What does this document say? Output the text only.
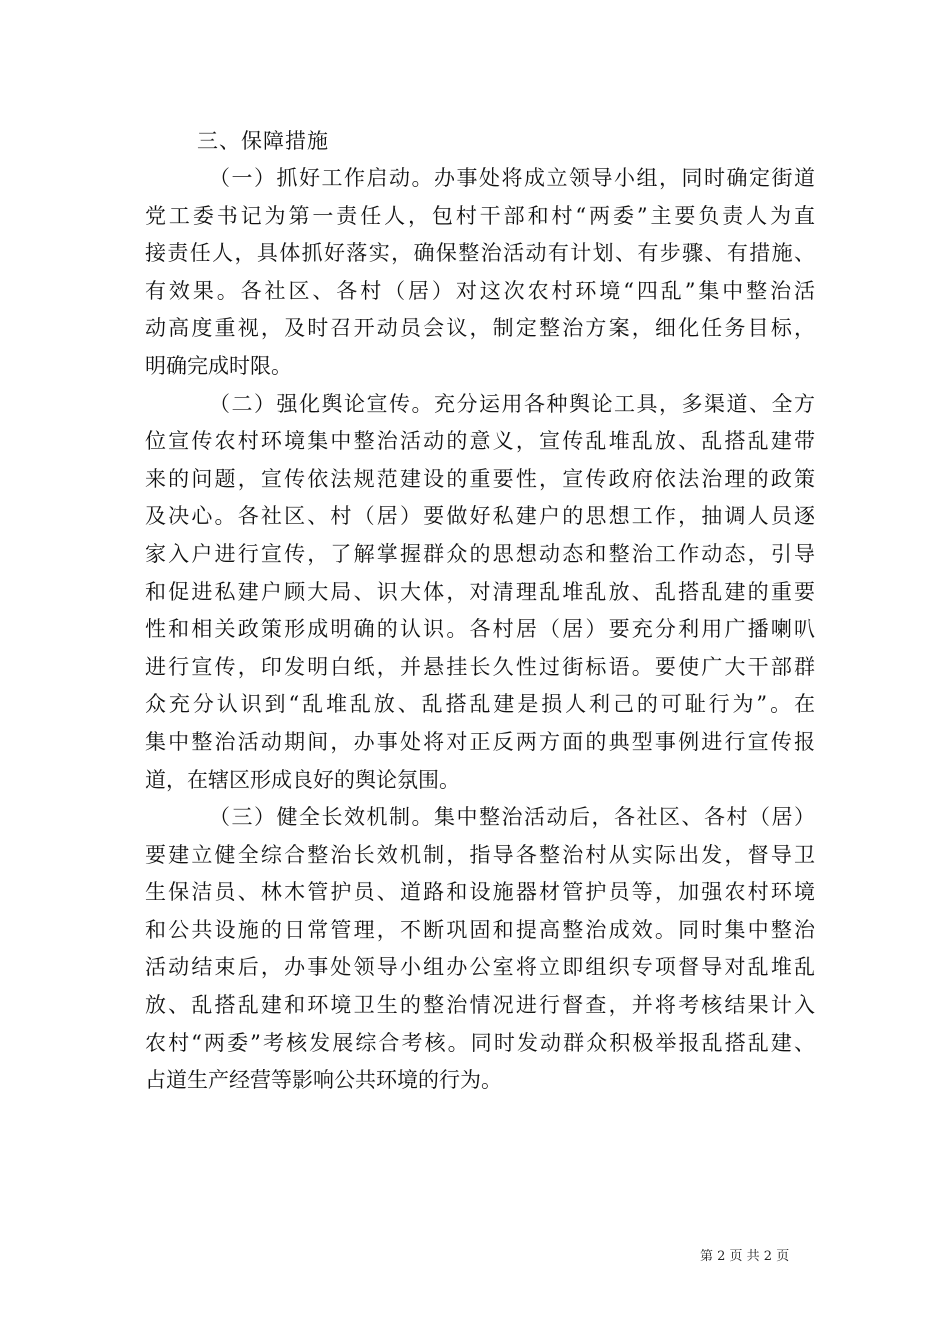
三、保障措施
（一）抓好工作启动。办事处将成立领导小组，同时确定街道
党工委书记为第一责任人，包村干部和村“两委”主要负责人为直
接责任人，具体抓好落实，确保整治活动有计划、有步骤、有措施、
有效果。各社区、各村（居）对这次农村环境“四乱”集中整治活
动高度重视，及时召开动员会议，制定整治方案，细化任务目标，
明确完成时限。
（二）强化舆论宣传。充分运用各种舆论工具，多渠道、全方
位宣传农村环境集中整治活动的意义，宣传乱堆乱放、乱搭乱建带
来的问题，宣传依法规范建设的重要性，宣传政府依法治理的政策
及决心。各社区、村（居）要做好私建户的思想工作，抽调人员逐
家入户进行宣传，了解掌握群众的思想动态和整治工作动态，引导
和促进私建户顾大局、识大体，对清理乱堆乱放、乱搭乱建的重要
性和相关政策形成明确的认识。各村居（居）要充分利用广播喇叭
进行宣传，印发明白纸，并悬挂长久性过街标语。要使广大干部群
众充分认识到“乱堆乱放、乱搭乱建是损人利己的可耻行为”。在
集中整治活动期间，办事处将对正反两方面的典型事例进行宣传报
道，在辖区形成良好的舆论氛围。
（三）健全长效机制。集中整治活动后，各社区、各村（居）
要建立健全综合整治长效机制，指导各整治村从实际出发，督导卫
生保洁员、林木管护员、道路和设施器材管护员等，加强农村环境
和公共设施的日常管理，不断巩固和提高整治成效。同时集中整治
活动结束后，办事处领导小组办公室将立即组织专项督导对乱堆乱
放、乱搭乱建和环境卫生的整治情况进行督查，并将考核结果计入
农村“两委”考核发展综合考核。同时发动群众积极举报乱搭乱建、
占道生产经营等影响公共环境的行为。
第 2 页 共 2 页
